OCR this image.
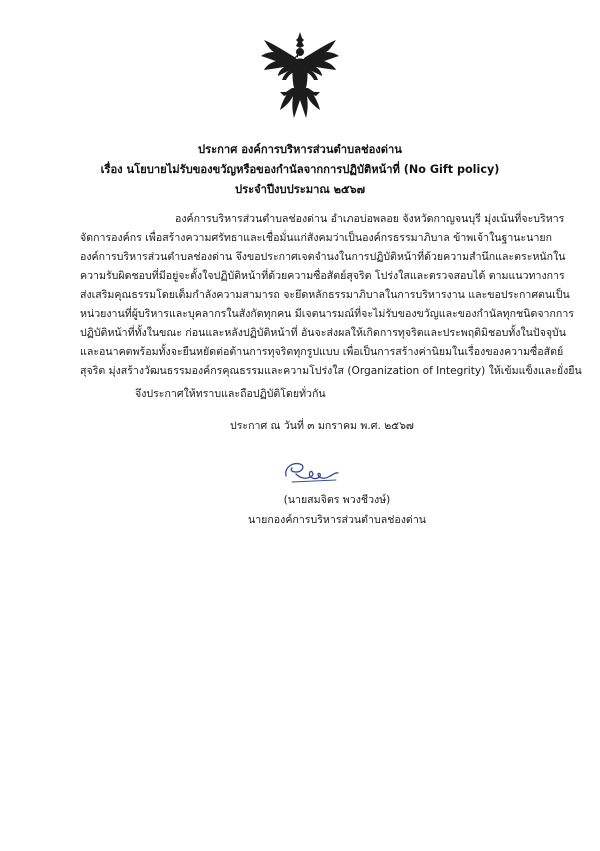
ประกาศ องค์การบริหารส่วนตำบลช่องด่าน
เรื่อง นโยบายไม่รับของขวัญหรือของกำนัลจากการปฏิบัติหน้าที่ (No Gift policy)
ประจำปีงบประมาณ ๒๕๖๗
องค์การบริหารส่วนตำบลช่องด่าน อำเภอบ่อพลอย จังหวัดกาญจนบุรี มุ่งเน้นที่จะบริหาร
จัดการองค์กร เพื่อสร้างความศรัทธาและเชื่อมั่นแก่สังคมว่าเป็นองค์กรธรรมาภิบาล ข้าพเจ้าในฐานะนายก
องค์การบริหารส่วนตำบลช่องด่าน จึงขอประกาศเจตจำนงในการปฏิบัติหน้าที่ด้วยความสำนึกและตระหนักใน
ความรับผิดชอบที่มีอยู่จะตั้งใจปฏิบัติหน้าที่ด้วยความซื่อสัตย์สุจริต โปร่งใสและตรวจสอบได้ ตามแนวทางการ
ส่งเสริมคุณธรรมโดยเต็มกำลังความสามารถ จะยึดหลักธรรมาภิบาลในการบริหารงาน และขอประกาศตนเป็น
หน่วยงานที่ผู้บริหารและบุคลากรในสังกัดทุกคน มีเจตนารมณ์ที่จะไม่รับของขวัญและของกำนัลทุกชนิดจากการ
ปฏิบัติหน้าที่ทั้งในขณะ ก่อนและหลังปฏิบัติหน้าที่ อันจะส่งผลให้เกิดการทุจริตและประพฤติมิชอบทั้งในปัจจุบัน
และอนาคตพร้อมทั้งจะยืนหยัดต่อต้านการทุจริตทุกรูปแบบ เพื่อเป็นการสร้างค่านิยมในเรื่องของความซื่อสัตย์
สุจริต มุ่งสร้างวัฒนธรรมองค์กรคุณธรรมและความโปร่งใส (Organization of Integrity) ให้เข้มแข็งและยั่งยืน
จึงประกาศให้ทราบและถือปฏิบัติโดยทั่วกัน
ประกาศ ณ วันที่ ๓ มกราคม พ.ศ. ๒๕๖๗
(นายสมจิตร พวงชีวงษ์)
นายกองค์การบริหารส่วนตำบลช่องด่าน
